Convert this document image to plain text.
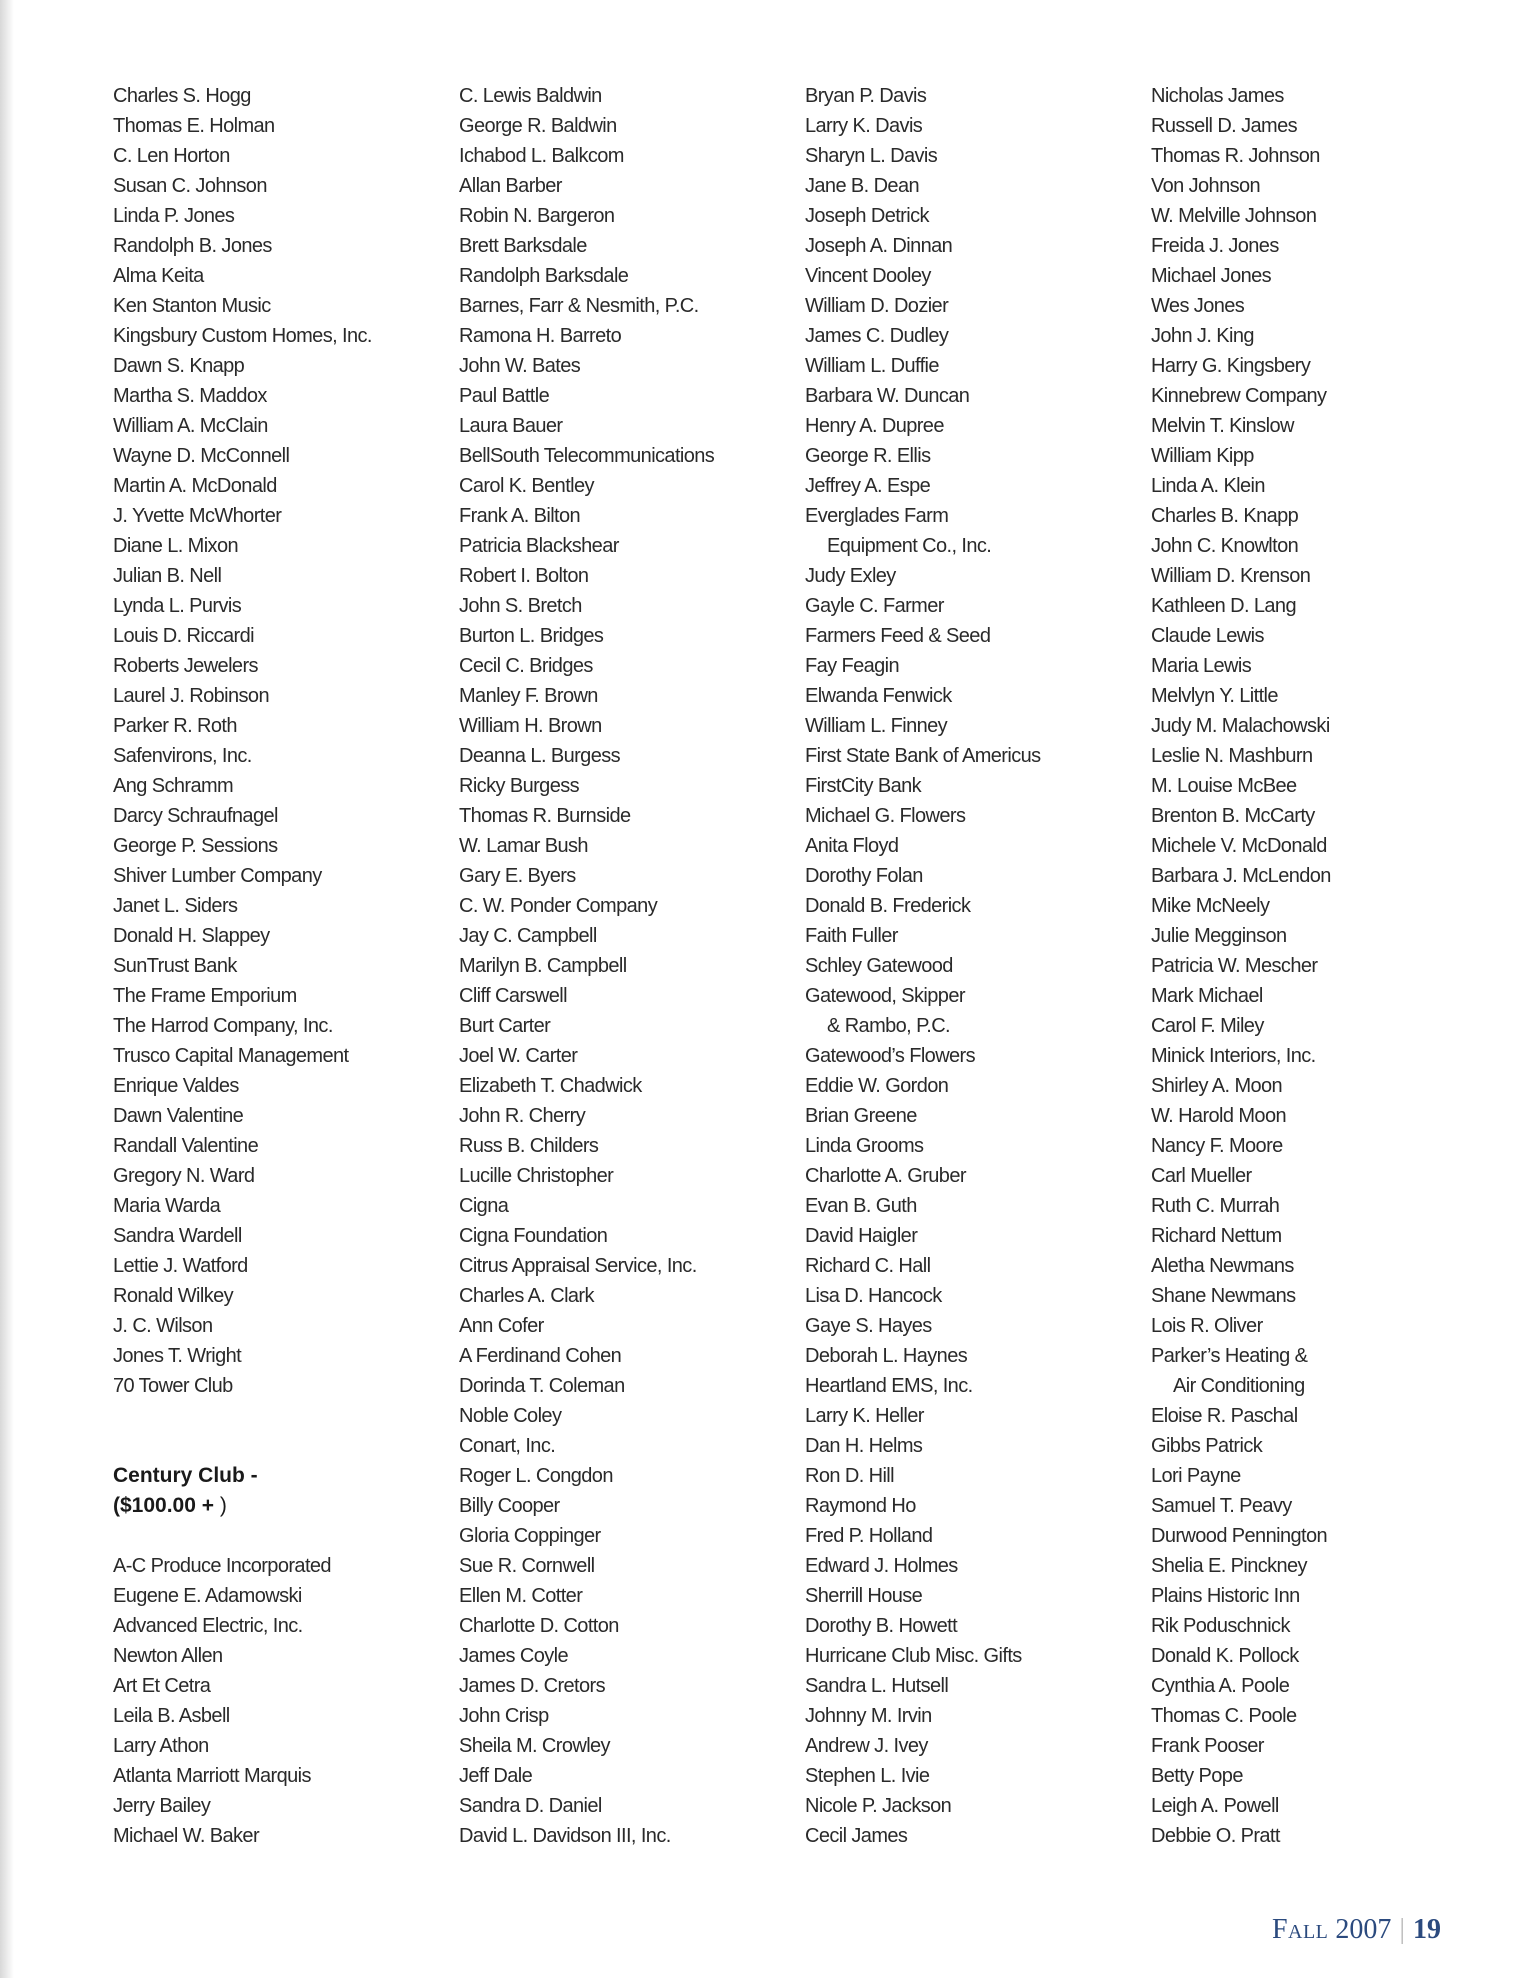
Charles S. Hogg
Thomas E. Holman
C. Len Horton
Susan C. Johnson
Linda P. Jones
Randolph B. Jones
Alma Keita
Ken Stanton Music
Kingsbury Custom Homes, Inc.
Dawn S. Knapp
Martha S. Maddox
William A. McClain
Wayne D. McConnell
Martin A. McDonald
J. Yvette McWhorter
Diane L. Mixon
Julian B. Nell
Lynda L. Purvis
Louis D. Riccardi
Roberts Jewelers
Laurel J. Robinson
Parker R. Roth
Safenvirons, Inc.
Ang Schramm
Darcy Schraufnagel
George P. Sessions
Shiver Lumber Company
Janet L. Siders
Donald H. Slappey
SunTrust Bank
The Frame Emporium
The Harrod Company, Inc.
Trusco Capital Management
Enrique Valdes
Dawn Valentine
Randall Valentine
Gregory N. Ward
Maria Warda
Sandra Wardell
Lettie J. Watford
Ronald Wilkey
J. C. Wilson
Jones T. Wright
70 Tower Club
Century Club -
($100.00 + )
A-C Produce Incorporated
Eugene E. Adamowski
Advanced Electric, Inc.
Newton Allen
Art Et Cetra
Leila B. Asbell
Larry Athon
Atlanta Marriott Marquis
Jerry Bailey
Michael W. Baker
C. Lewis Baldwin
George R. Baldwin
Ichabod L. Balkcom
Allan Barber
Robin N. Bargeron
Brett Barksdale
Randolph Barksdale
Barnes, Farr & Nesmith, P.C.
Ramona H. Barreto
John W. Bates
Paul Battle
Laura Bauer
BellSouth Telecommunications
Carol K. Bentley
Frank A. Bilton
Patricia Blackshear
Robert I. Bolton
John S. Bretch
Burton L. Bridges
Cecil C. Bridges
Manley F. Brown
William H. Brown
Deanna L. Burgess
Ricky Burgess
Thomas R. Burnside
W. Lamar Bush
Gary E. Byers
C. W. Ponder Company
Jay C. Campbell
Marilyn B. Campbell
Cliff Carswell
Burt Carter
Joel W. Carter
Elizabeth T. Chadwick
John R. Cherry
Russ B. Childers
Lucille Christopher
Cigna
Cigna Foundation
Citrus Appraisal Service, Inc.
Charles A. Clark
Ann Cofer
A Ferdinand Cohen
Dorinda T. Coleman
Noble Coley
Conart, Inc.
Roger L. Congdon
Billy Cooper
Gloria Coppinger
Sue R. Cornwell
Ellen M. Cotter
Charlotte D. Cotton
James Coyle
James D. Cretors
John Crisp
Sheila M. Crowley
Jeff Dale
Sandra D. Daniel
David L. Davidson III, Inc.
Bryan P. Davis
Larry K. Davis
Sharyn L. Davis
Jane B. Dean
Joseph Detrick
Joseph A. Dinnan
Vincent Dooley
William D. Dozier
James C. Dudley
William L. Duffie
Barbara W. Duncan
Henry A. Dupree
George R. Ellis
Jeffrey A. Espe
Everglades Farm
Equipment Co., Inc.
Judy Exley
Gayle C. Farmer
Farmers Feed & Seed
Fay Feagin
Elwanda Fenwick
William L. Finney
First State Bank of Americus
FirstCity Bank
Michael G. Flowers
Anita Floyd
Dorothy Folan
Donald B. Frederick
Faith Fuller
Schley Gatewood
Gatewood, Skipper
& Rambo, P.C.
Gatewood’s Flowers
Eddie W. Gordon
Brian Greene
Linda Grooms
Charlotte A. Gruber
Evan B. Guth
David Haigler
Richard C. Hall
Lisa D. Hancock
Gaye S. Hayes
Deborah L. Haynes
Heartland EMS, Inc.
Larry K. Heller
Dan H. Helms
Ron D. Hill
Raymond Ho
Fred P. Holland
Edward J. Holmes
Sherrill House
Dorothy B. Howett
Hurricane Club Misc. Gifts
Sandra L. Hutsell
Johnny M. Irvin
Andrew J. Ivey
Stephen L. Ivie
Nicole P. Jackson
Cecil James
Nicholas James
Russell D. James
Thomas R. Johnson
Von Johnson
W. Melville Johnson
Freida J. Jones
Michael Jones
Wes Jones
John J. King
Harry G. Kingsbery
Kinnebrew Company
Melvin T. Kinslow
William Kipp
Linda A. Klein
Charles B. Knapp
John C. Knowlton
William D. Krenson
Kathleen D. Lang
Claude Lewis
Maria Lewis
Melvlyn Y. Little
Judy M. Malachowski
Leslie N. Mashburn
M. Louise McBee
Brenton B. McCarty
Michele V. McDonald
Barbara J. McLendon
Mike McNeely
Julie Megginson
Patricia W. Mescher
Mark Michael
Carol F. Miley
Minick Interiors, Inc.
Shirley A. Moon
W. Harold Moon
Nancy F. Moore
Carl Mueller
Ruth C. Murrah
Richard Nettum
Aletha Newmans
Shane Newmans
Lois R. Oliver
Parker’s Heating &
Air Conditioning
Eloise R. Paschal
Gibbs Patrick
Lori Payne
Samuel T. Peavy
Durwood Pennington
Shelia E. Pinckney
Plains Historic Inn
Rik Poduschnick
Donald K. Pollock
Cynthia A. Poole
Thomas C. Poole
Frank Pooser
Betty Pope
Leigh A. Powell
Debbie O. Pratt
Fall 2007 | 19
